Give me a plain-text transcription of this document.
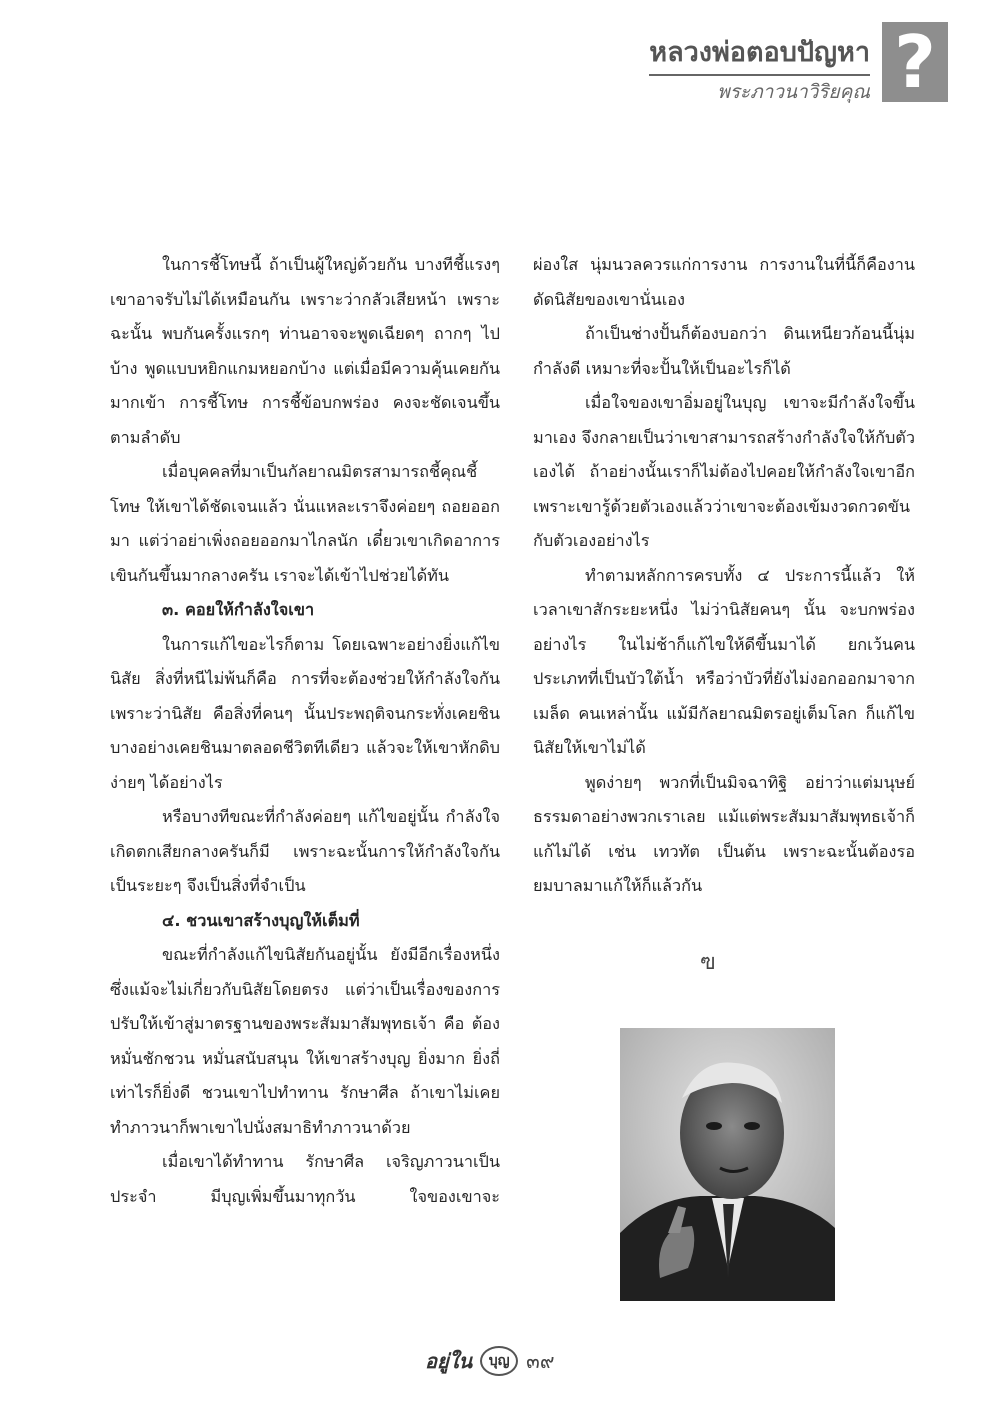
หลวงพ่อตอบปัญหา
พระภาวนาวิริยคุณ ?

ในการชี้โทษนี้ ถ้าเป็นผู้ใหญ่ด้วยกัน บางทีชี้แรงๆ เขาอาจรับไม่ได้เหมือนกัน เพราะว่ากลัวเสียหน้า เพราะฉะนั้น พบกันครั้งแรกๆ ท่านอาจจะพูดเฉียดๆ ถากๆ ไปบ้าง พูดแบบหยิกแกมหยอกบ้าง แต่เมื่อมีความคุ้นเคยกันมากเข้า การชี้โทษ การชี้ข้อบกพร่อง คงจะชัดเจนขึ้นตามลำดับ

เมื่อบุคคลที่มาเป็นกัลยาณมิตรสามารถชี้คุณชี้โทษ ให้เขาได้ชัดเจนแล้ว นั่นแหละเราจึงค่อยๆ ถอยออกมา แต่ว่าอย่าเพิ่งถอยออกมาไกลนัก เดี๋ยวเขาเกิดอาการเขินกันขึ้นมากลางครัน เราจะได้เข้าไปช่วยได้ทัน

๓. คอยให้กำลังใจเขา

ในการแก้ไขอะไรก็ตาม โดยเฉพาะอย่างยิ่งแก้ไขนิสัย สิ่งที่หนีไม่พ้นก็คือ การที่จะต้องช่วยให้กำลังใจกัน เพราะว่านิสัย คือสิ่งที่คนๆ นั้นประพฤติจนกระทั่งเคยชิน บางอย่างเคยชินมาตลอดชีวิตทีเดียว แล้วจะให้เขาหักดิบง่ายๆ ได้อย่างไร

หรือบางทีขณะที่กำลังค่อยๆ แก้ไขอยู่นั้น กำลังใจเกิดตกเสียกลางครันก็มี เพราะฉะนั้นการให้กำลังใจกันเป็นระยะๆ จึงเป็นสิ่งที่จำเป็น

๔. ชวนเขาสร้างบุญให้เต็มที่

ขณะที่กำลังแก้ไขนิสัยกันอยู่นั้น ยังมีอีกเรื่องหนึ่งซึ่งแม้จะไม่เกี่ยวกับนิสัยโดยตรง แต่ว่าเป็นเรื่องของการปรับให้เข้าสู่มาตรฐานของพระสัมมาสัมพุทธเจ้า คือ ต้องหมั่นชักชวน หมั่นสนับสนุน ให้เขาสร้างบุญ ยิ่งมาก ยิ่งถี่เท่าไรก็ยิ่งดี ชวนเขาไปทำทาน รักษาศีล ถ้าเขาไม่เคยทำภาวนาก็พาเขาไปนั่งสมาธิทำภาวนาด้วย

เมื่อเขาได้ทำทาน รักษาศีล เจริญภาวนาเป็นประจำ มีบุญเพิ่มขึ้นมาทุกวัน ใจของเขาจะ

ผ่องใส นุ่มนวลควรแก่การงาน การงานในที่นี้ก็คืองานดัดนิสัยของเขานั่นเอง

ถ้าเป็นช่างปั้นก็ต้องบอกว่า ดินเหนียวก้อนนี้นุ่มกำลังดี เหมาะที่จะปั้นให้เป็นอะไรก็ได้

เมื่อใจของเขาอิ่มอยู่ในบุญ เขาจะมีกำลังใจขึ้นมาเอง จึงกลายเป็นว่าเขาสามารถสร้างกำลังใจให้กับตัวเองได้ ถ้าอย่างนั้นเราก็ไม่ต้องไปคอยให้กำลังใจเขาอีก เพราะเขารู้ด้วยตัวเองแล้วว่าเขาจะต้องเข้มงวดกวดขันกับตัวเองอย่างไร

ทำตามหลักการครบทั้ง ๔ ประการนี้แล้ว ให้เวลาเขาสักระยะหนึ่ง ไม่ว่านิสัยคนๆ นั้น จะบกพร่องอย่างไร ในไม่ช้าก็แก้ไขให้ดีขึ้นมาได้ ยกเว้นคนประเภทที่เป็นบัวใต้น้ำ หรือว่าบัวที่ยังไม่งอกออกมาจากเมล็ด คนเหล่านั้น แม้มีกัลยาณมิตรอยู่เต็มโลก ก็แก้ไขนิสัยให้เขาไม่ได้

พูดง่ายๆ พวกที่เป็นมิจฉาทิฐิ อย่าว่าแต่มนุษย์ธรรมดาอย่างพวกเราเลย แม้แต่พระสัมมาสัมพุทธเจ้าก็แก้ไม่ได้ เช่น เทวทัต เป็นต้น เพราะฉะนั้นต้องรอยมบาลมาแก้ให้ก็แล้วกัน

ฃ
อยู่ใน	บุญ ๓๙
